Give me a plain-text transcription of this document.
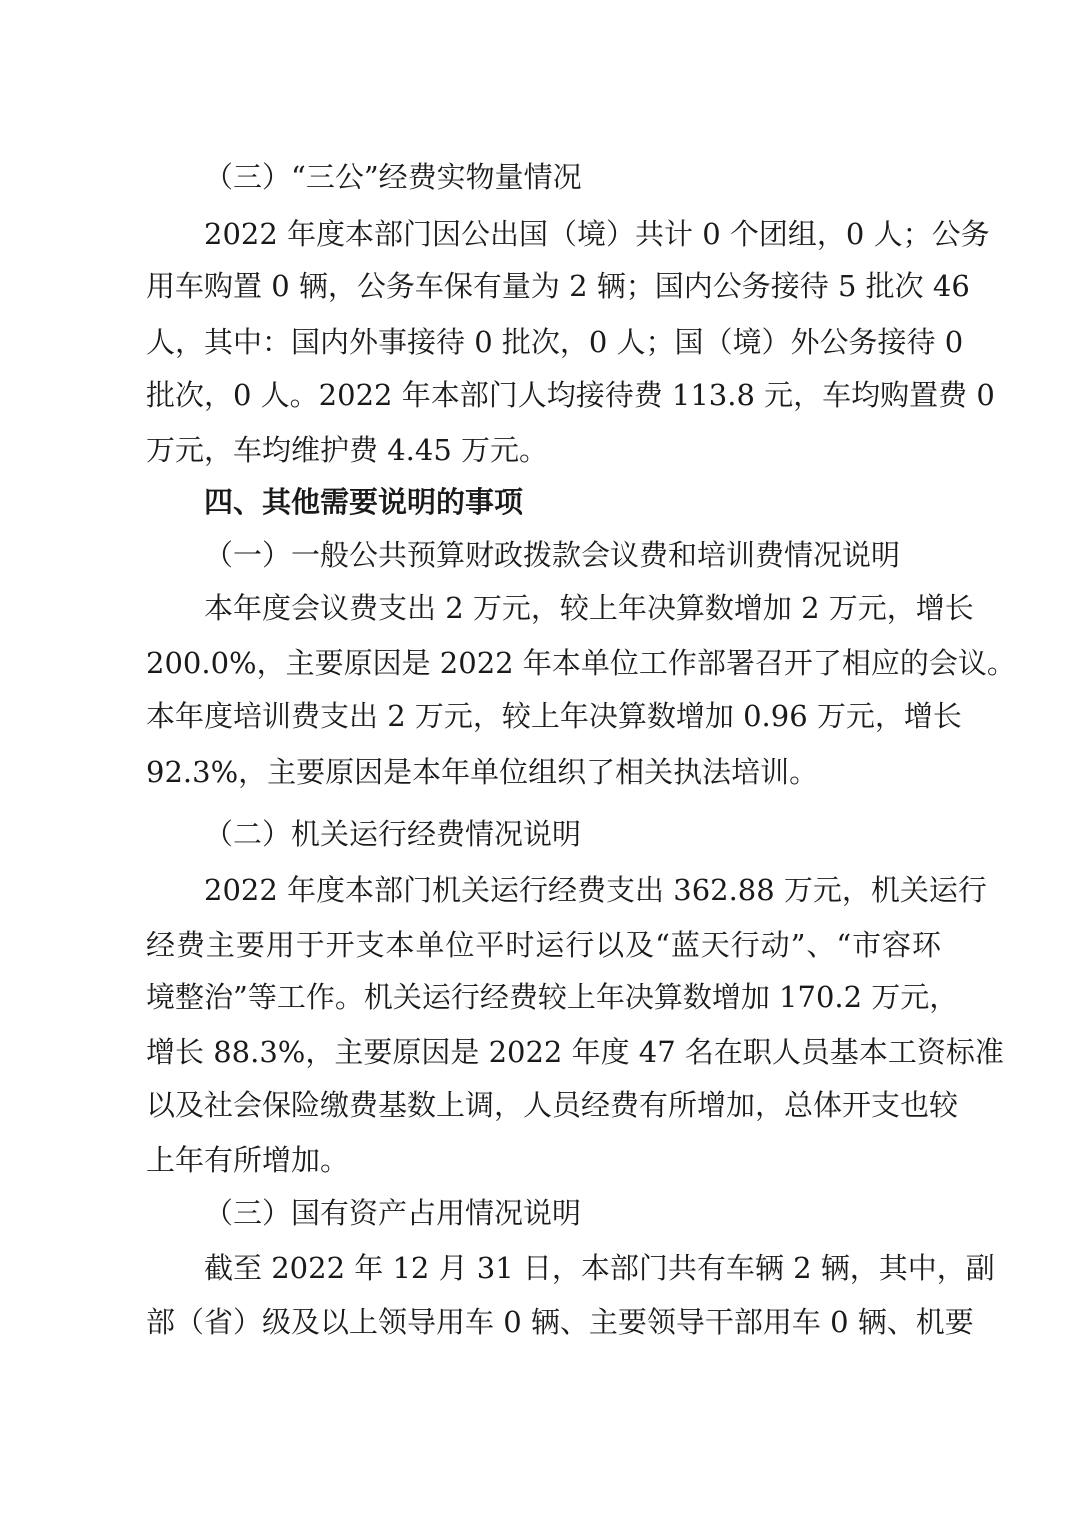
（三）“三公”经费实物量情况
2022 年度本部门因公出国（境）共计 0 个团组，0 人；公务
用车购置 0 辆，公务车保有量为 2 辆；国内公务接待 5 批次 46
人，其中：国内外事接待 0 批次，0 人；国（境）外公务接待 0
批次，0 人。2022 年本部门人均接待费 113.8 元，车均购置费 0
万元，车均维护费 4.45 万元。
四、其他需要说明的事项
（一）一般公共预算财政拨款会议费和培训费情况说明
本年度会议费支出 2 万元，较上年决算数增加 2 万元，增长
200.0%，主要原因是 2022 年本单位工作部署召开了相应的会议。
本年度培训费支出 2 万元，较上年决算数增加 0.96 万元，增长
92.3%，主要原因是本年单位组织了相关执法培训。
（二）机关运行经费情况说明
2022 年度本部门机关运行经费支出 362.88 万元，机关运行
经费主要用于开支本单位平时运行以及“蓝天行动”、“市容环
境整治”等工作。机关运行经费较上年决算数增加 170.2 万元，
增长 88.3%，主要原因是 2022 年度 47 名在职人员基本工资标准
以及社会保险缴费基数上调，人员经费有所增加，总体开支也较
上年有所增加。
（三）国有资产占用情况说明
截至 2022 年 12 月 31 日，本部门共有车辆 2 辆，其中，副
部（省）级及以上领导用车 0 辆、主要领导干部用车 0 辆、机要
